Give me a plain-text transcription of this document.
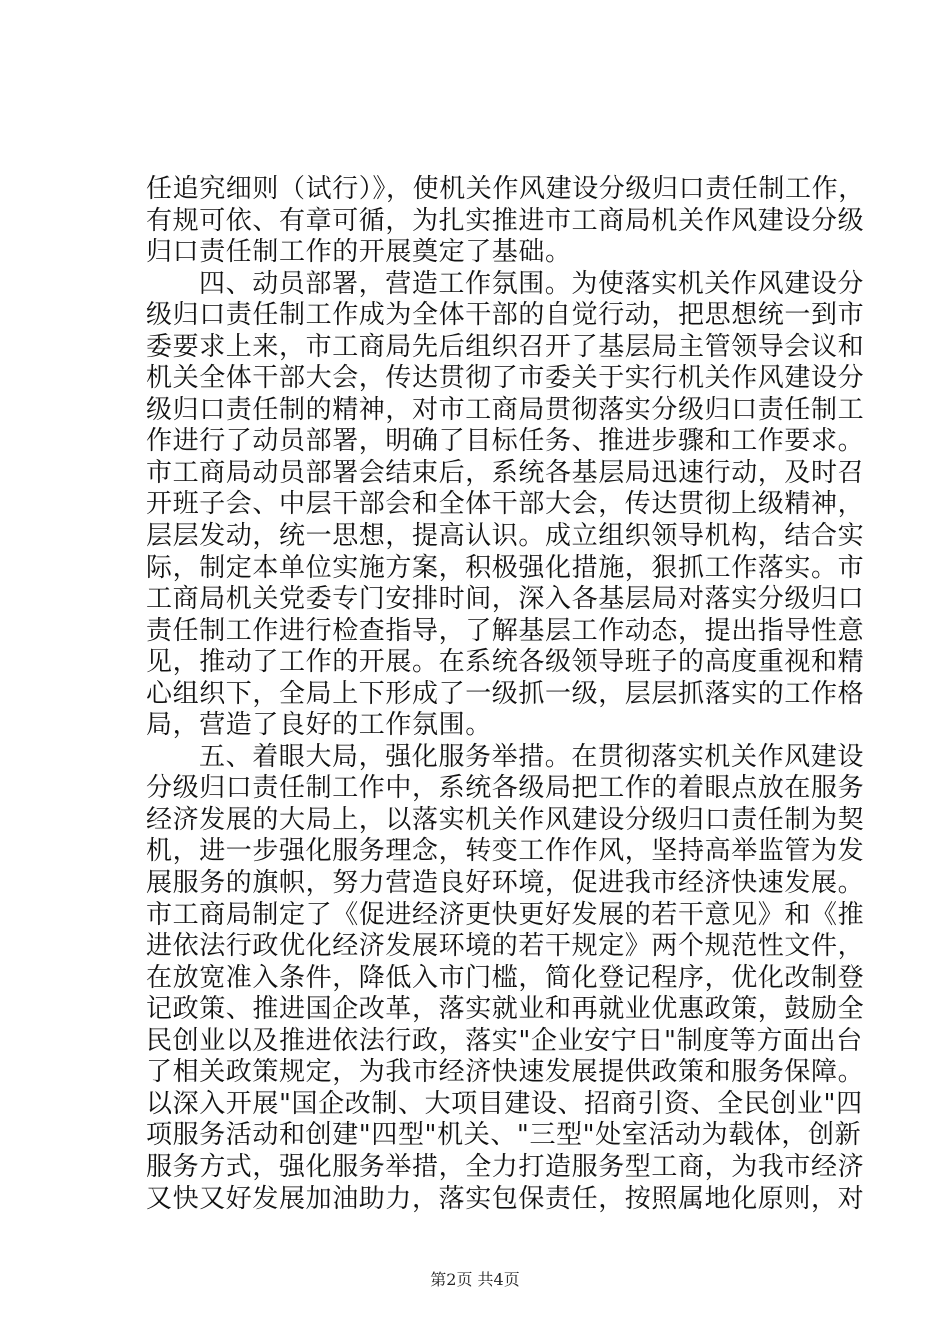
任追究细则（试行）》，使机关作风建设分级归口责任制工作，
有规可依、有章可循，为扎实推进市工商局机关作风建设分级
归口责任制工作的开展奠定了基础。
四、动员部署，营造工作氛围。为使落实机关作风建设分
级归口责任制工作成为全体干部的自觉行动，把思想统一到市
委要求上来，市工商局先后组织召开了基层局主管领导会议和
机关全体干部大会，传达贯彻了市委关于实行机关作风建设分
级归口责任制的精神，对市工商局贯彻落实分级归口责任制工
作进行了动员部署，明确了目标任务、推进步骤和工作要求。
市工商局动员部署会结束后，系统各基层局迅速行动，及时召
开班子会、中层干部会和全体干部大会，传达贯彻上级精神，
层层发动，统一思想，提高认识。成立组织领导机构，结合实
际，制定本单位实施方案，积极强化措施，狠抓工作落实。市
工商局机关党委专门安排时间，深入各基层局对落实分级归口
责任制工作进行检查指导，了解基层工作动态，提出指导性意
见，推动了工作的开展。在系统各级领导班子的高度重视和精
心组织下，全局上下形成了一级抓一级，层层抓落实的工作格
局，营造了良好的工作氛围。
五、着眼大局，强化服务举措。在贯彻落实机关作风建设
分级归口责任制工作中，系统各级局把工作的着眼点放在服务
经济发展的大局上，以落实机关作风建设分级归口责任制为契
机，进一步强化服务理念，转变工作作风，坚持高举监管为发
展服务的旗帜，努力营造良好环境，促进我市经济快速发展。
市工商局制定了《促进经济更快更好发展的若干意见》和《推
进依法行政优化经济发展环境的若干规定》两个规范性文件，
在放宽准入条件，降低入市门槛，简化登记程序，优化改制登
记政策、推进国企改革，落实就业和再就业优惠政策，鼓励全
民创业以及推进依法行政，落实"企业安宁日"制度等方面出台
了相关政策规定，为我市经济快速发展提供政策和服务保障。
以深入开展"国企改制、大项目建设、招商引资、全民创业"四
项服务活动和创建"四型"机关、"三型"处室活动为载体，创新
服务方式，强化服务举措，全力打造服务型工商，为我市经济
又快又好发展加油助力，落实包保责任，按照属地化原则，对
第2页 共4页
